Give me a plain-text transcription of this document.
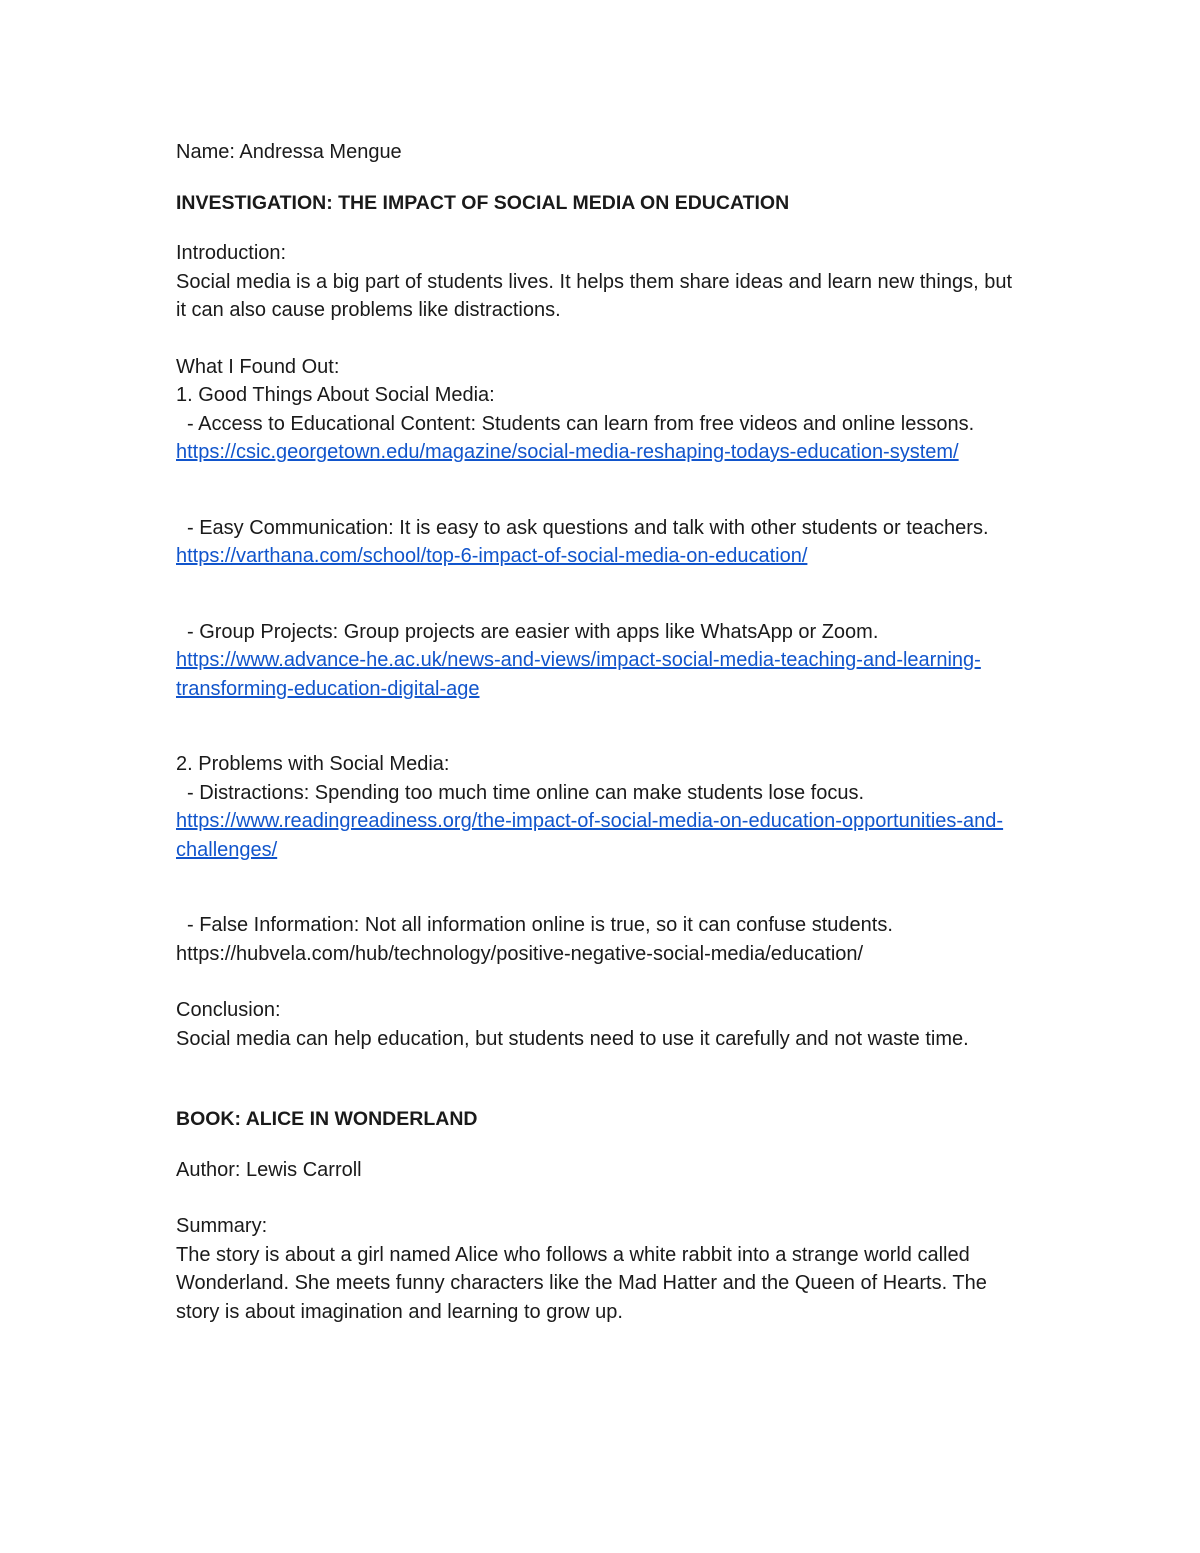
Name: Andressa Mengue

INVESTIGATION: THE IMPACT OF SOCIAL MEDIA ON EDUCATION

Introduction:

Social media is a big part of students lives. It helps them share ideas and learn new things, but it can also cause problems like distractions.

What I Found Out:

1. Good Things About Social Media:

- Access to Educational Content: Students can learn from free videos and online lessons. https://csic.georgetown.edu/magazine/social-media-reshaping-todays-education-system/

- Easy Communication: It is easy to ask questions and talk with other students or teachers. https://varthana.com/school/top-6-impact-of-social-media-on-education/

- Group Projects: Group projects are easier with apps like WhatsApp or Zoom. https://www.advance-he.ac.uk/news-and-views/impact-social-media-teaching-and-learning-transforming-education-digital-age

2. Problems with Social Media:

- Distractions: Spending too much time online can make students lose focus. https://www.readingreadiness.org/the-impact-of-social-media-on-education-opportunities-and-challenges/

- False Information: Not all information online is true, so it can confuse students. https://hubvela.com/hub/technology/positive-negative-social-media/education/

Conclusion:

Social media can help education, but students need to use it carefully and not waste time.

BOOK: ALICE IN WONDERLAND

Author: Lewis Carroll

Summary:

The story is about a girl named Alice who follows a white rabbit into a strange world called Wonderland. She meets funny characters like the Mad Hatter and the Queen of Hearts. The story is about imagination and learning to grow up.
